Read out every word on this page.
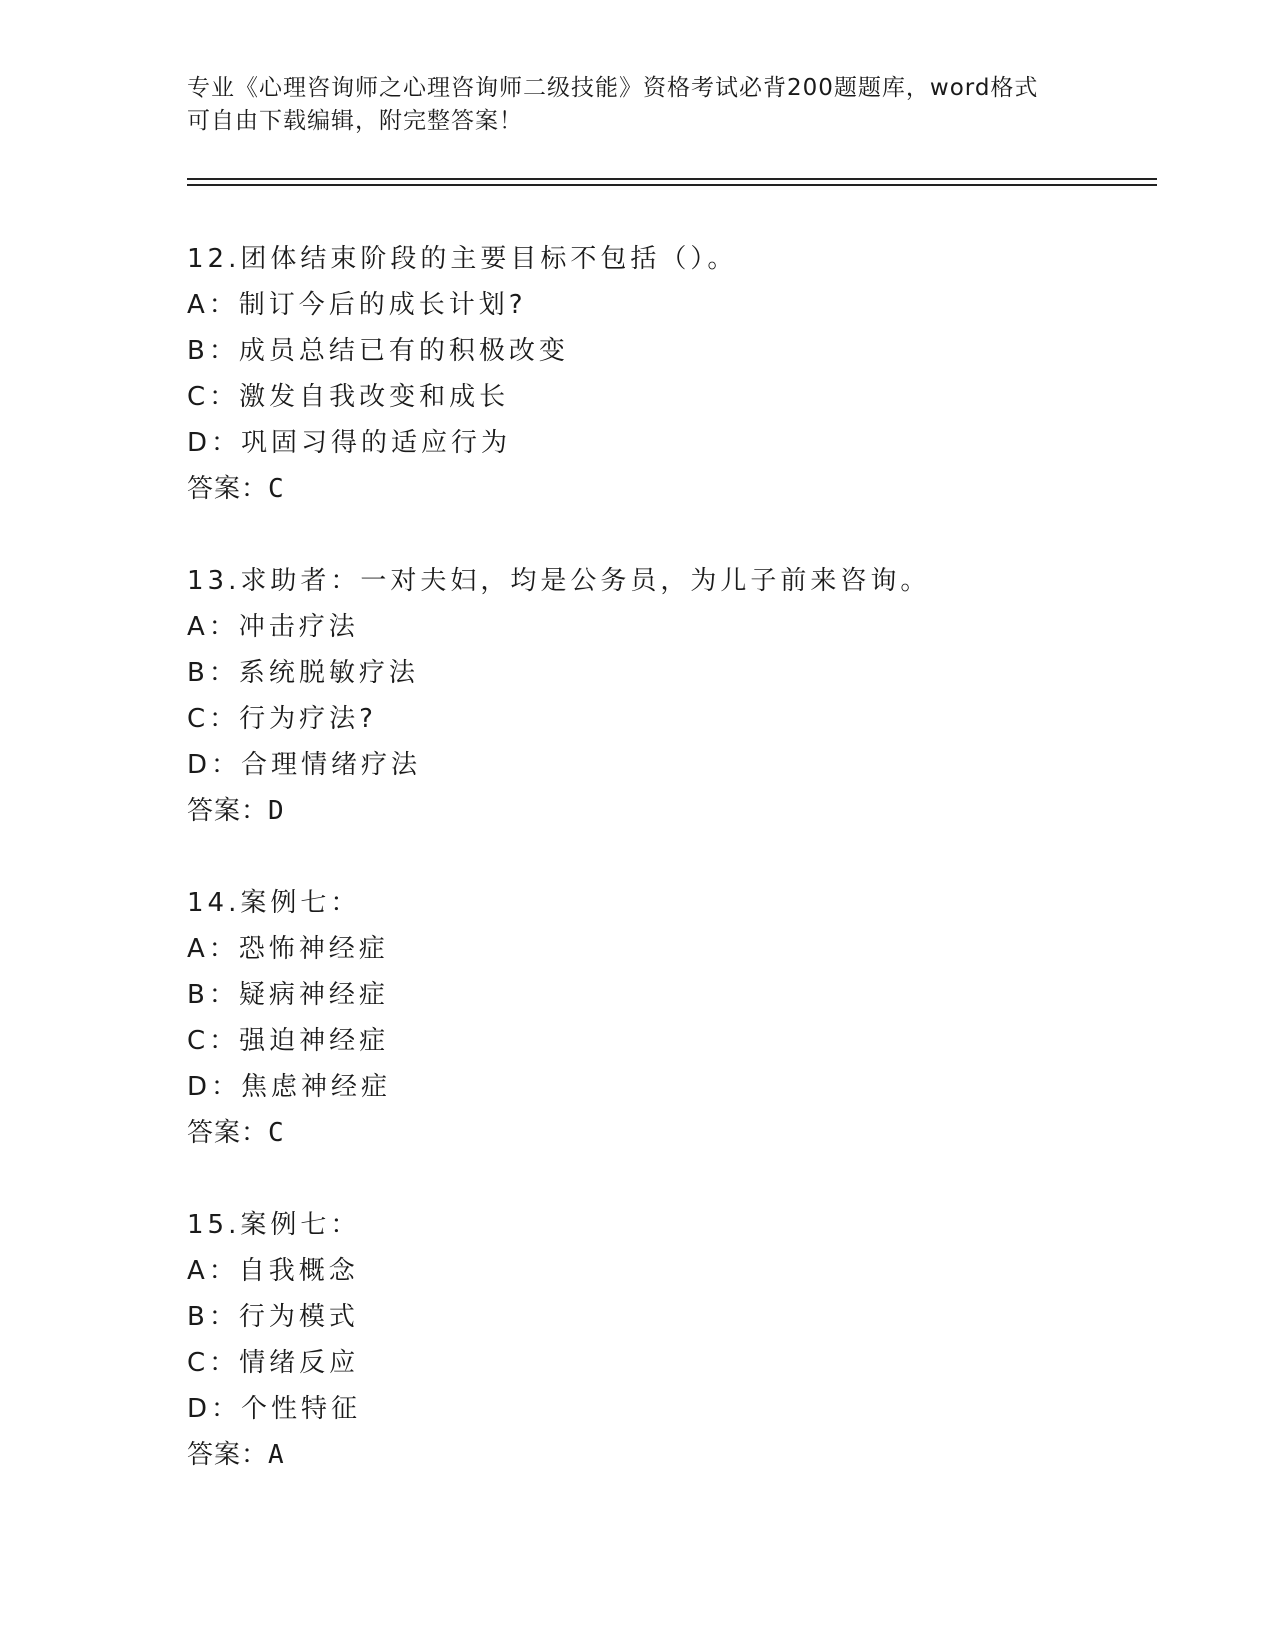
专业《心理咨询师之心理咨询师二级技能》资格考试必背200题题库，word格式
可自由下载编辑，附完整答案！
12.团体结束阶段的主要目标不包括（）。
A：制订今后的成长计划?
B：成员总结已有的积极改变
C：激发自我改变和成长
D：巩固习得的适应行为
答案：C
13.求助者：一对夫妇，均是公务员，为儿子前来咨询。
A：冲击疗法
B：系统脱敏疗法
C：行为疗法?
D：合理情绪疗法
答案：D
14.案例七：
A：恐怖神经症
B：疑病神经症
C：强迫神经症
D：焦虑神经症
答案：C
15.案例七：
A：自我概念
B：行为模式
C：情绪反应
D：个性特征
答案：A
